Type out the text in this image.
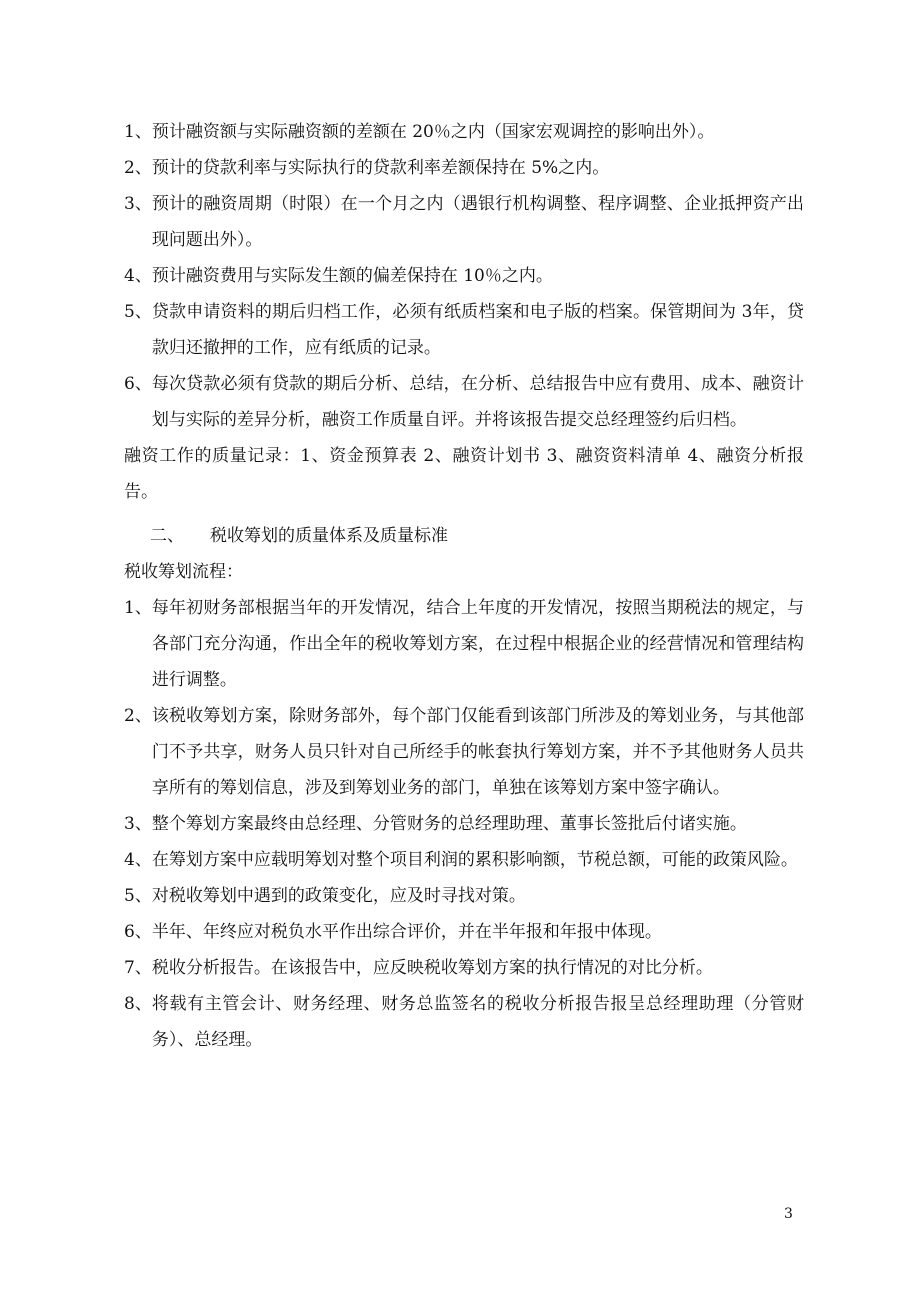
1、 预计融资额与实际融资额的差额在 20％之内（国家宏观调控的影响出外）。
2、 预计的贷款利率与实际执行的贷款利率差额保持在 5%之内。
3、 预计的融资周期（时限）在一个月之内（遇银行机构调整、程序调整、企业抵押资产出现问题出外）。
4、 预计融资费用与实际发生额的偏差保持在 10％之内。
5、 贷款申请资料的期后归档工作，必须有纸质档案和电子版的档案。保管期间为 3年，贷款归还撤押的工作，应有纸质的记录。
6、 每次贷款必须有贷款的期后分析、总结，在分析、总结报告中应有费用、成本、融资计划与实际的差异分析，融资工作质量自评。并将该报告提交总经理签约后归档。

融资工作的质量记录：1、资金预算表 2、融资计划书 3、融资资料清单 4、融资分析报告。

二、	税收筹划的质量体系及质量标准

税收筹划流程：

1、 每年初财务部根据当年的开发情况，结合上年度的开发情况，按照当期税法的规定，与各部门充分沟通，作出全年的税收筹划方案，在过程中根据企业的经营情况和管理结构进行调整。
2、 该税收筹划方案，除财务部外，每个部门仅能看到该部门所涉及的筹划业务，与其他部门不予共享，财务人员只针对自己所经手的帐套执行筹划方案，并不予其他财务人员共享所有的筹划信息，涉及到筹划业务的部门，单独在该筹划方案中签字确认。
3、 整个筹划方案最终由总经理、分管财务的总经理助理、董事长签批后付诸实施。
4、 在筹划方案中应载明筹划对整个项目利润的累积影响额，节税总额，可能的政策风险。
5、 对税收筹划中遇到的政策变化，应及时寻找对策。
6、 半年、年终应对税负水平作出综合评价，并在半年报和年报中体现。
7、 税收分析报告。在该报告中，应反映税收筹划方案的执行情况的对比分析。
8、 将载有主管会计、财务经理、财务总监签名的税收分析报告报呈总经理助理（分管财务）、总经理。
3
